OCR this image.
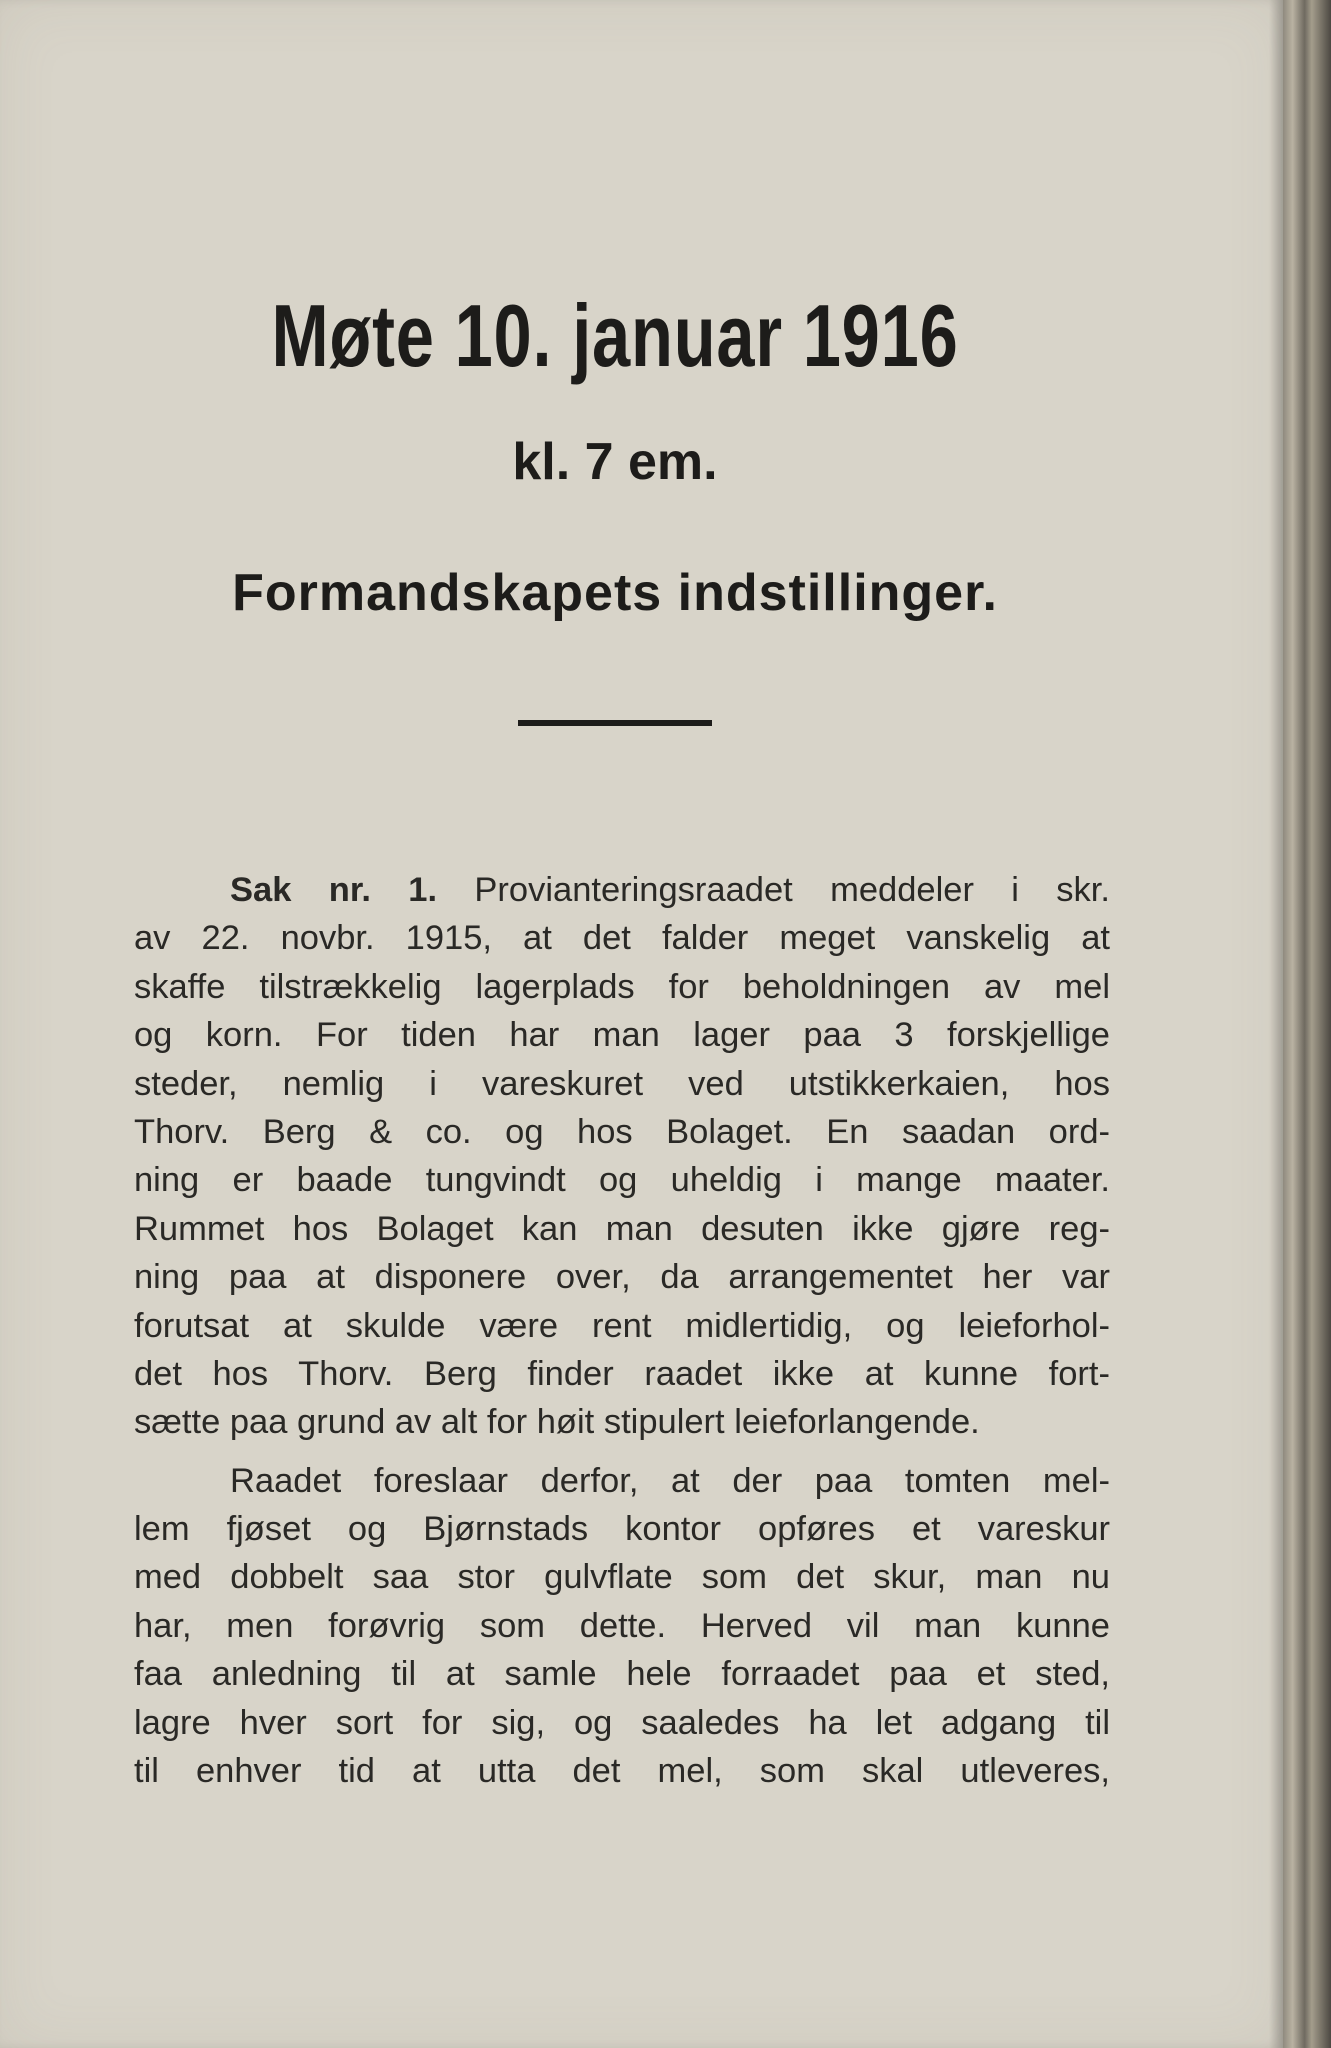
Møte 10. januar 1916
kl. 7 em.
Formandskapets indstillinger.
Sak nr. 1. Provianteringsraadet meddeler i skr.
av 22. novbr. 1915, at det falder meget vanskelig at
skaffe tilstrækkelig lagerplads for beholdningen av mel
og korn. For tiden har man lager paa 3 forskjellige
steder, nemlig i vareskuret ved utstikkerkaien, hos
Thorv. Berg & co. og hos Bolaget. En saadan ord-
ning er baade tungvindt og uheldig i mange maater.
Rummet hos Bolaget kan man desuten ikke gjøre reg-
ning paa at disponere over, da arrangementet her var
forutsat at skulde være rent midlertidig, og leieforhol-
det hos Thorv. Berg finder raadet ikke at kunne fort-
sætte paa grund av alt for høit stipulert leieforlangende.
Raadet foreslaar derfor, at der paa tomten mel-
lem fjøset og Bjørnstads kontor opføres et vareskur
med dobbelt saa stor gulvflate som det skur, man nu
har, men forøvrig som dette. Herved vil man kunne
faa anledning til at samle hele forraadet paa et sted,
lagre hver sort for sig, og saaledes ha let adgang til
til enhver tid at utta det mel, som skal utleveres,
